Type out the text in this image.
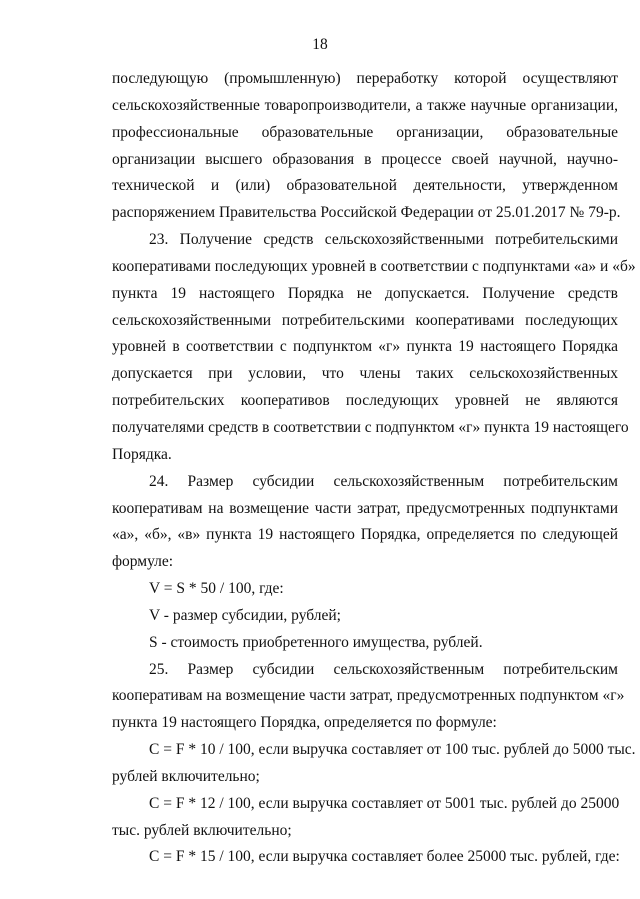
18
последующую (промышленную) переработку которой осуществляют
сельскохозяйственные товаропроизводители, а также научные организации,
профессиональные образовательные организации, образовательные
организации высшего образования в процессе своей научной, научно-
технической и (или) образовательной деятельности, утвержденном
распоряжением Правительства Российской Федерации от 25.01.2017 № 79-р.
23. Получение средств сельскохозяйственными потребительскими
кооперативами последующих уровней в соответствии с подпунктами «а» и «б»
пункта 19 настоящего Порядка не допускается. Получение средств
сельскохозяйственными потребительскими кооперативами последующих
уровней в соответствии с подпунктом «г» пункта 19 настоящего Порядка
допускается при условии, что члены таких сельскохозяйственных
потребительских кооперативов последующих уровней не являются
получателями средств в соответствии с подпунктом «г» пункта 19 настоящего
Порядка.
24. Размер субсидии сельскохозяйственным потребительским
кооперативам на возмещение части затрат, предусмотренных подпунктами
«а», «б», «в» пункта 19 настоящего Порядка, определяется по следующей
формуле:
V = S * 50 / 100, где:
V - размер субсидии, рублей;
S - стоимость приобретенного имущества, рублей.
25. Размер субсидии сельскохозяйственным потребительским
кооперативам на возмещение части затрат, предусмотренных подпунктом «г»
пункта 19 настоящего Порядка, определяется по формуле:
C = F * 10 / 100, если выручка составляет от 100 тыс. рублей до 5000 тыс.
рублей включительно;
C = F * 12 / 100, если выручка составляет от 5001 тыс. рублей до 25000
тыс. рублей включительно;
C = F * 15 / 100, если выручка составляет более 25000 тыс. рублей, где:
